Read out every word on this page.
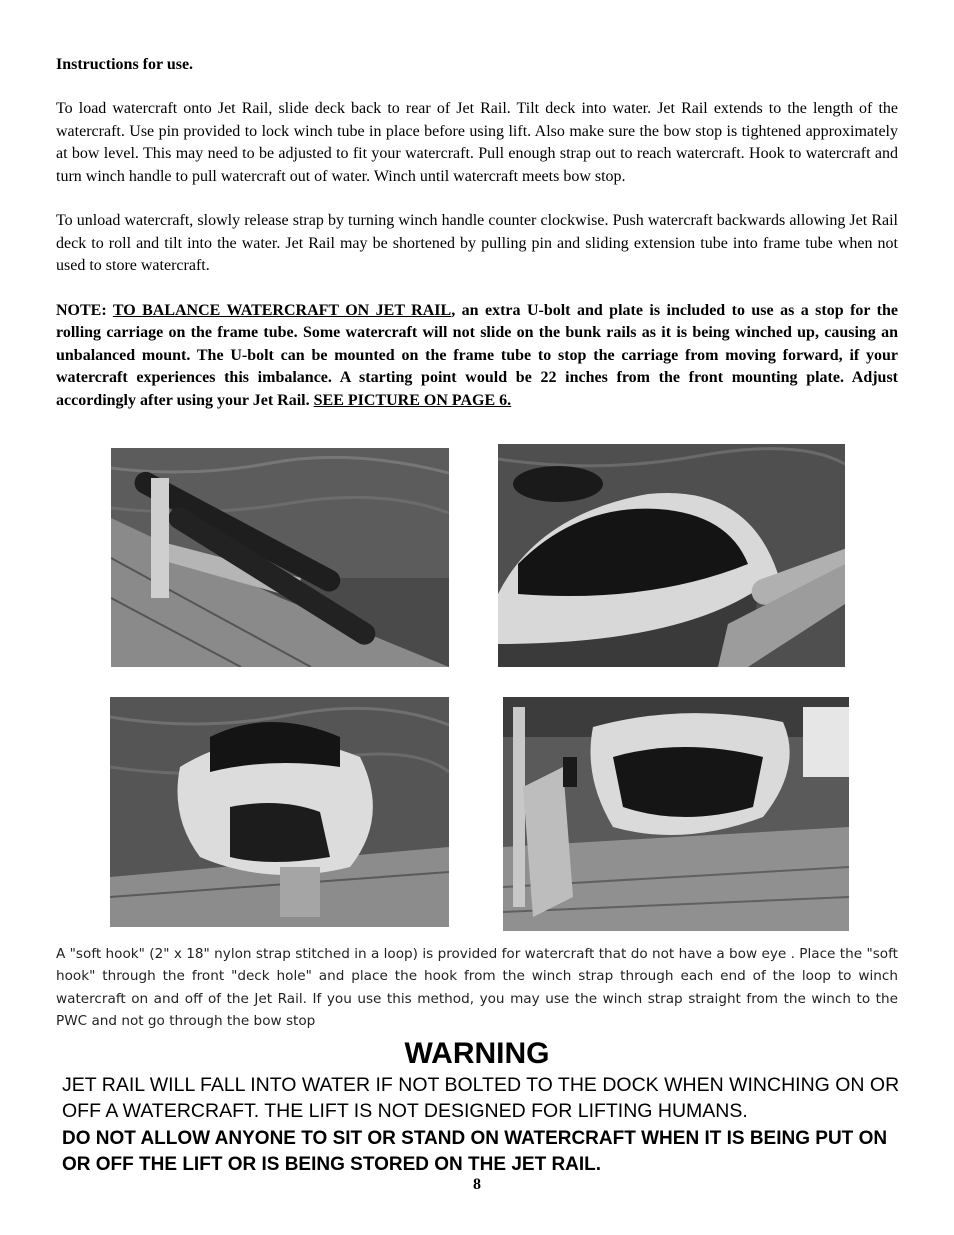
Instructions for use.

To load watercraft onto Jet Rail, slide deck back to rear of Jet Rail. Tilt deck into water. Jet Rail extends to the length of the watercraft. Use pin provided to lock winch tube in place before using lift. Also make sure the bow stop is tightened approximately at bow level. This may need to be adjusted to fit your watercraft. Pull enough strap out to reach watercraft. Hook to watercraft and turn winch handle to pull watercraft out of water. Winch until watercraft meets bow stop.

To unload watercraft, slowly release strap by turning winch handle counter clockwise. Push watercraft backwards allowing Jet Rail deck to roll and tilt into the water. Jet Rail may be shortened by pulling pin and sliding extension tube into frame tube when not used to store watercraft.

NOTE: TO BALANCE WATERCRAFT ON JET RAIL, an extra U-bolt and plate is included to use as a stop for the rolling carriage on the frame tube. Some watercraft will not slide on the bunk rails as it is being winched up, causing an unbalanced mount. The U-bolt can be mounted on the frame tube to stop the carriage from moving forward, if your watercraft experiences this imbalance. A starting point would be 22 inches from the front mounting plate. Adjust accordingly after using your Jet Rail. SEE PICTURE ON PAGE 6.

A "soft hook" (2" x 18" nylon strap stitched in a loop) is provided for watercraft that do not have a bow eye . Place the "soft hook" through the front "deck hole" and place the hook from the winch strap through each end of the loop to winch watercraft on and off of the Jet Rail. If you use this method, you may use the winch strap straight from the winch to the PWC and not go through the bow stop
WARNING
JET RAIL WILL FALL INTO WATER IF NOT BOLTED TO THE DOCK WHEN WINCHING ON OR OFF A WATERCRAFT. THE LIFT IS NOT DESIGNED FOR LIFTING HUMANS.
DO NOT ALLOW ANYONE TO SIT OR STAND ON WATERCRAFT WHEN IT IS BEING PUT ON OR OFF THE LIFT OR IS BEING STORED ON THE JET RAIL.
8
